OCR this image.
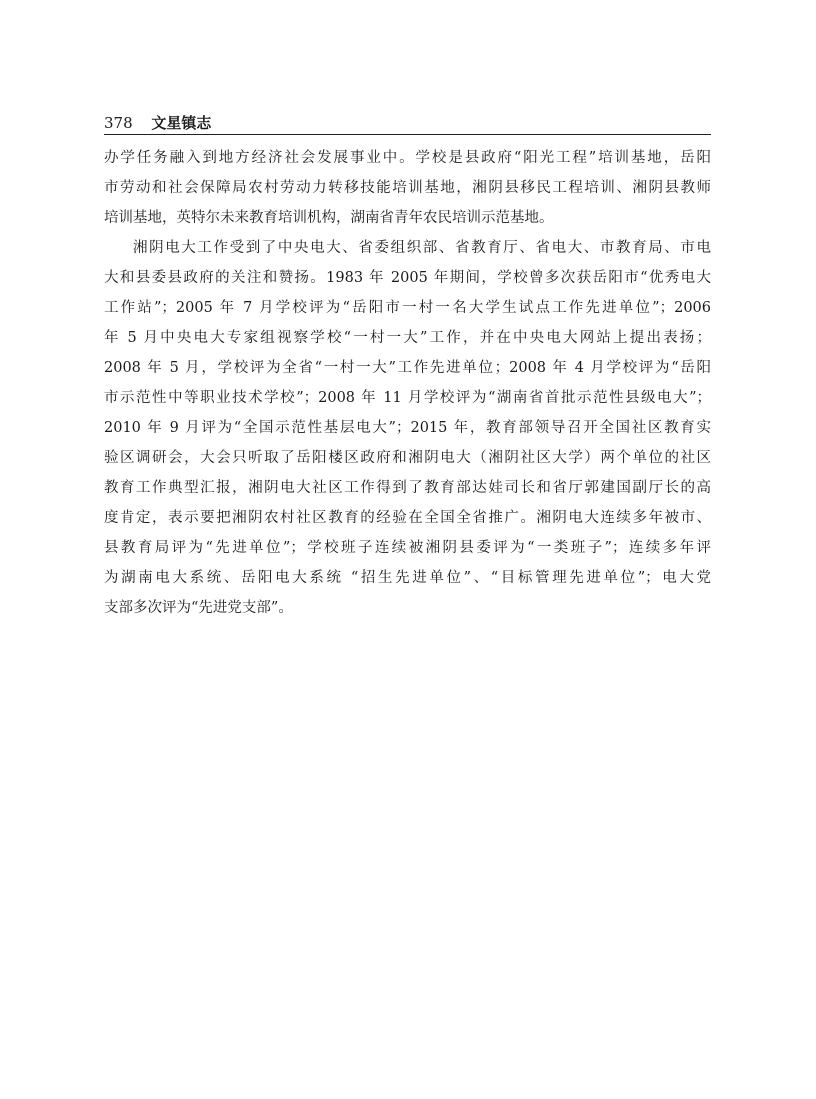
378 文星镇志
办学任务融入到地方经济社会发展事业中。学校是县政府“阳光工程”培训基地，岳阳
市劳动和社会保障局农村劳动力转移技能培训基地，湘阴县移民工程培训、湘阴县教师
培训基地，英特尔未来教育培训机构，湖南省青年农民培训示范基地。
湘阴电大工作受到了中央电大、省委组织部、省教育厅、省电大、市教育局、市电
大和县委县政府的关注和赞扬。1983 年 2005 年期间，学校曾多次获岳阳市“优秀电大
工作站”；2005 年 7 月学校评为“岳阳市一村一名大学生试点工作先进单位”；2006
年 5 月中央电大专家组视察学校“一村一大”工作，并在中央电大网站上提出表扬；
2008 年 5 月，学校评为全省“一村一大”工作先进单位；2008 年 4 月学校评为“岳阳
市示范性中等职业技术学校”；2008 年 11 月学校评为“湖南省首批示范性县级电大”；
2010 年 9 月评为“全国示范性基层电大”；2015 年，教育部领导召开全国社区教育实
验区调研会，大会只听取了岳阳楼区政府和湘阴电大（湘阴社区大学）两个单位的社区
教育工作典型汇报，湘阴电大社区工作得到了教育部达娃司长和省厅郭建国副厅长的高
度肯定，表示要把湘阴农村社区教育的经验在全国全省推广。湘阴电大连续多年被市、
县教育局评为“先进单位”；学校班子连续被湘阴县委评为“一类班子”；连续多年评
为湖南电大系统、岳阳电大系统 “招生先进单位”、“目标管理先进单位”；电大党
支部多次评为“先进党支部”。
